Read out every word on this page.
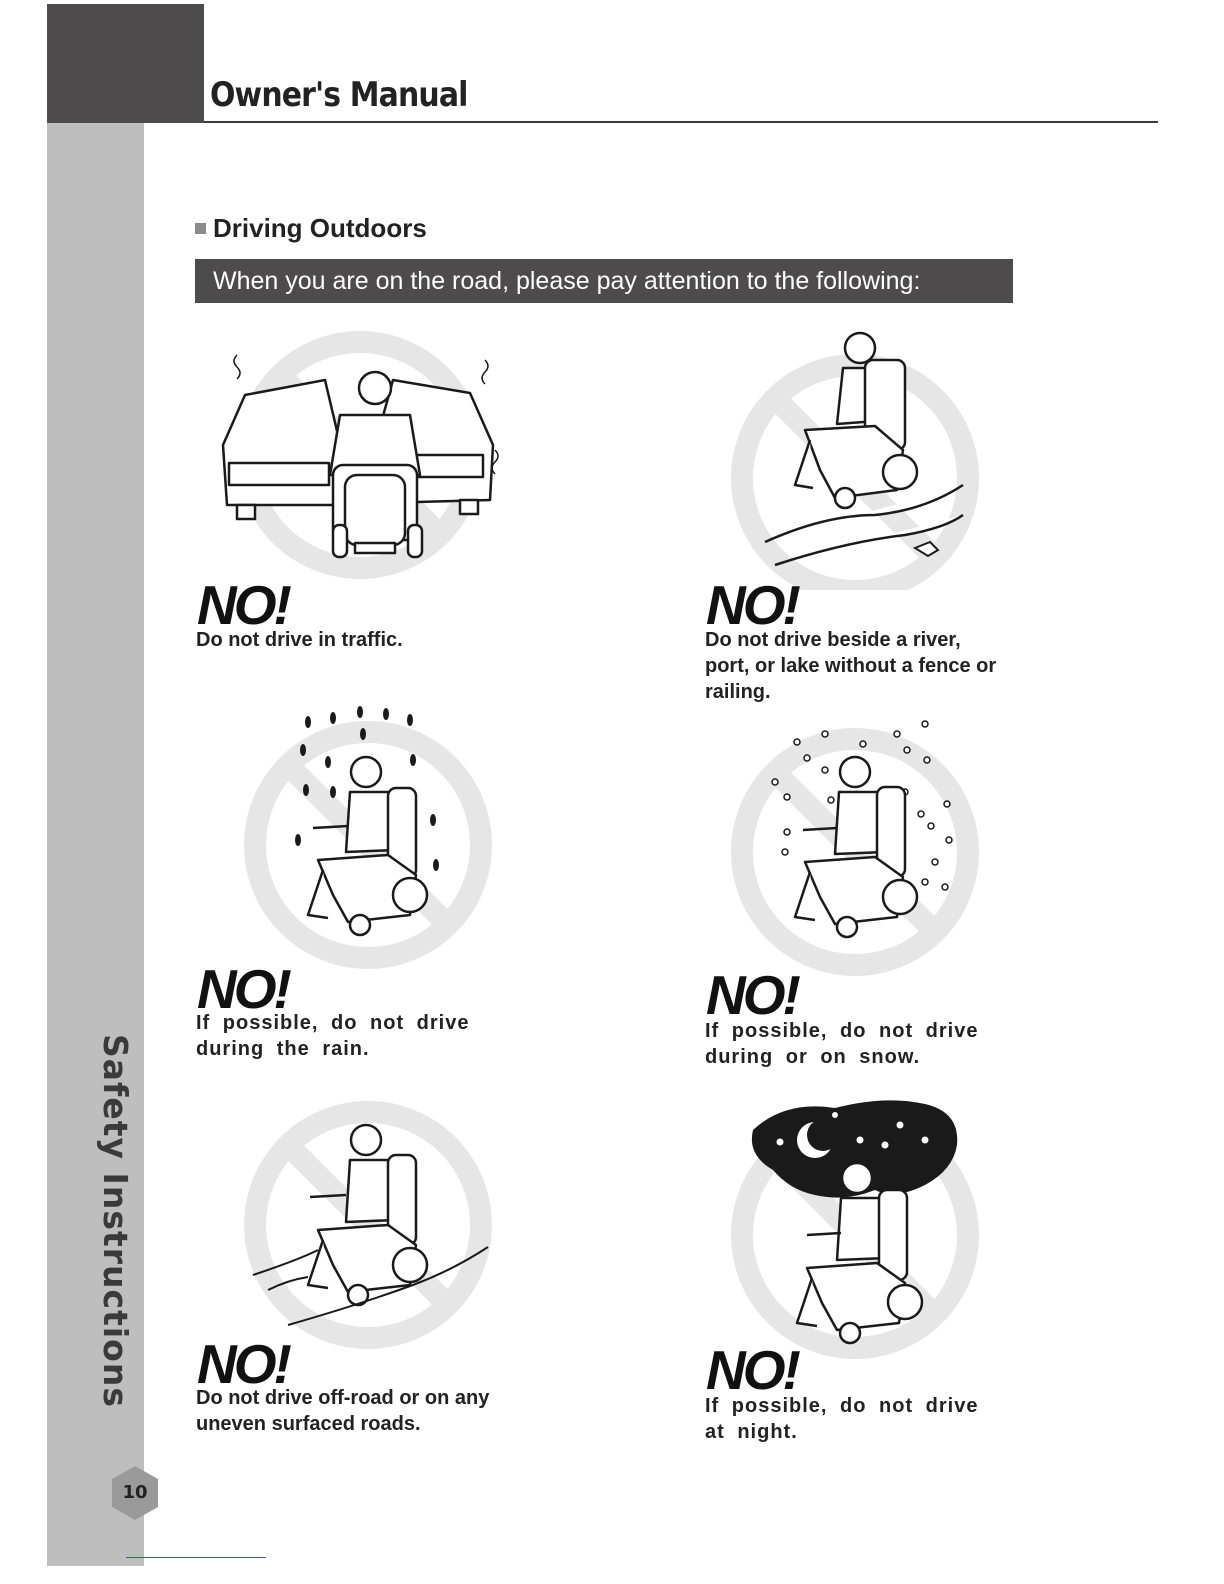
Owner's Manual
Safety Instructions
10
Driving Outdoors
When you are on the road, please pay attention to the following:
NO!
Do not drive in traffic.
NO!
Do not drive beside a river, port, or lake without a fence or railing.
NO!
If possible, do not drive during the rain.
NO!
If possible, do not drive during or on snow.
NO!
Do not drive off-road or on any uneven surfaced roads.
NO!
If possible, do not drive at night.
